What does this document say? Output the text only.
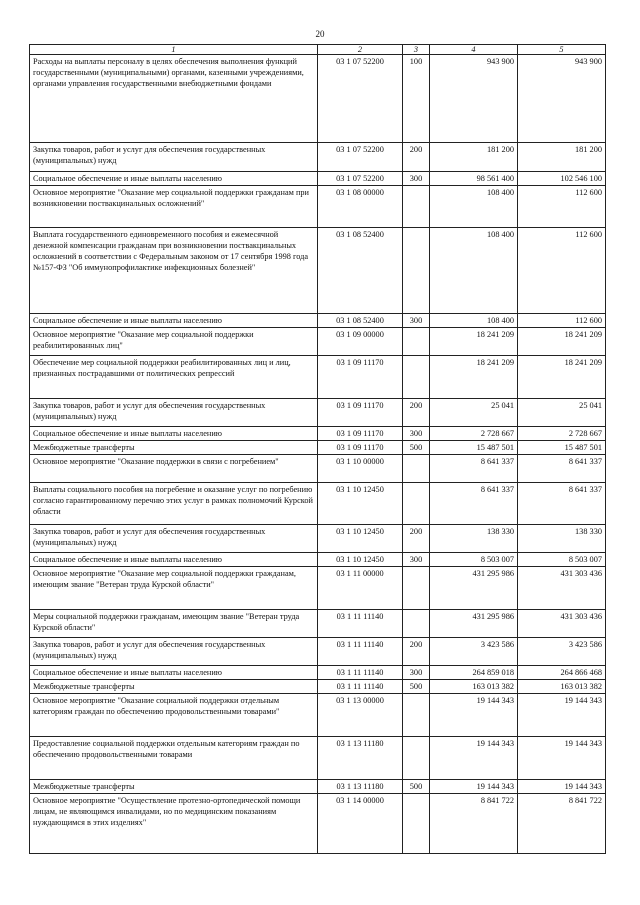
20
1	2	3	4	5
Расходы на выплаты персоналу в целях обеспечения выполнения функций государственными (муниципальными) органами, казенными учреждениями, органами управления государственными внебюджетными фондами	03 1 07 52200	100	943 900	943 900
Закупка товаров, работ и услуг для обеспечения государственных (муниципальных) нужд	03 1 07 52200	200	181 200	181 200
Социальное обеспечение и иные выплаты населению	03 1 07 52200	300	98 561 400	102 546 100
Основное мероприятие "Оказание мер социальной поддержки гражданам при возникновении поствакцинальных осложнений"	03 1 08 00000		108 400	112 600
Выплата государственного единовременного пособия и ежемесячной денежной компенсации гражданам при возникновении поствакцинальных осложнений в соответствии с Федеральным законом от 17 сентября 1998 года №157-ФЗ "Об иммунопрофилактике инфекционных болезней"	03 1 08 52400		108 400	112 600
Социальное обеспечение и иные выплаты населению	03 1 08 52400	300	108 400	112 600
Основное мероприятие "Оказание мер социальной поддержки реабилитированных лиц"	03 1 09 00000		18 241 209	18 241 209
Обеспечение мер социальной поддержки реабилитированных лиц и лиц, признанных пострадавшими от политических репрессий	03 1 09 11170		18 241 209	18 241 209
Закупка товаров, работ и услуг для обеспечения государственных (муниципальных) нужд	03 1 09 11170	200	25 041	25 041
Социальное обеспечение и иные выплаты населению	03 1 09 11170	300	2 728 667	2 728 667
Межбюджетные трансферты	03 1 09 11170	500	15 487 501	15 487 501
Основное мероприятие "Оказание поддержки в связи с погребением"	03 1 10 00000		8 641 337	8 641 337
Выплаты социального пособия на погребение и оказание услуг по погребению согласно гарантированному перечню этих услуг в рамках полномочий Курской области	03 1 10 12450		8 641 337	8 641 337
Закупка товаров, работ и услуг для обеспечения государственных (муниципальных) нужд	03 1 10 12450	200	138 330	138 330
Социальное обеспечение и иные выплаты населению	03 1 10 12450	300	8 503 007	8 503 007
Основное мероприятие "Оказание мер социальной поддержки гражданам, имеющим звание "Ветеран труда Курской области"	03 1 11 00000		431 295 986	431 303 436
Меры социальной поддержки гражданам, имеющим звание "Ветеран труда Курской области"	03 1 11 11140		431 295 986	431 303 436
Закупка товаров, работ и услуг для обеспечения государственных (муниципальных) нужд	03 1 11 11140	200	3 423 586	3 423 586
Социальное обеспечение и иные выплаты населению	03 1 11 11140	300	264 859 018	264 866 468
Межбюджетные трансферты	03 1 11 11140	500	163 013 382	163 013 382
Основное мероприятие "Оказание социальной поддержки отдельным категориям граждан по обеспечению продовольственными товарами"	03 1 13 00000		19 144 343	19 144 343
Предоставление социальной поддержки отдельным категориям граждан по обеспечению продовольственными товарами	03 1 13 11180		19 144 343	19 144 343
Межбюджетные трансферты	03 1 13 11180	500	19 144 343	19 144 343
Основное мероприятие "Осуществление протезно-ортопедической помощи лицам, не являющимся инвалидами, но по медицинским показаниям нуждающимся в этих изделиях"	03 1 14 00000		8 841 722	8 841 722
